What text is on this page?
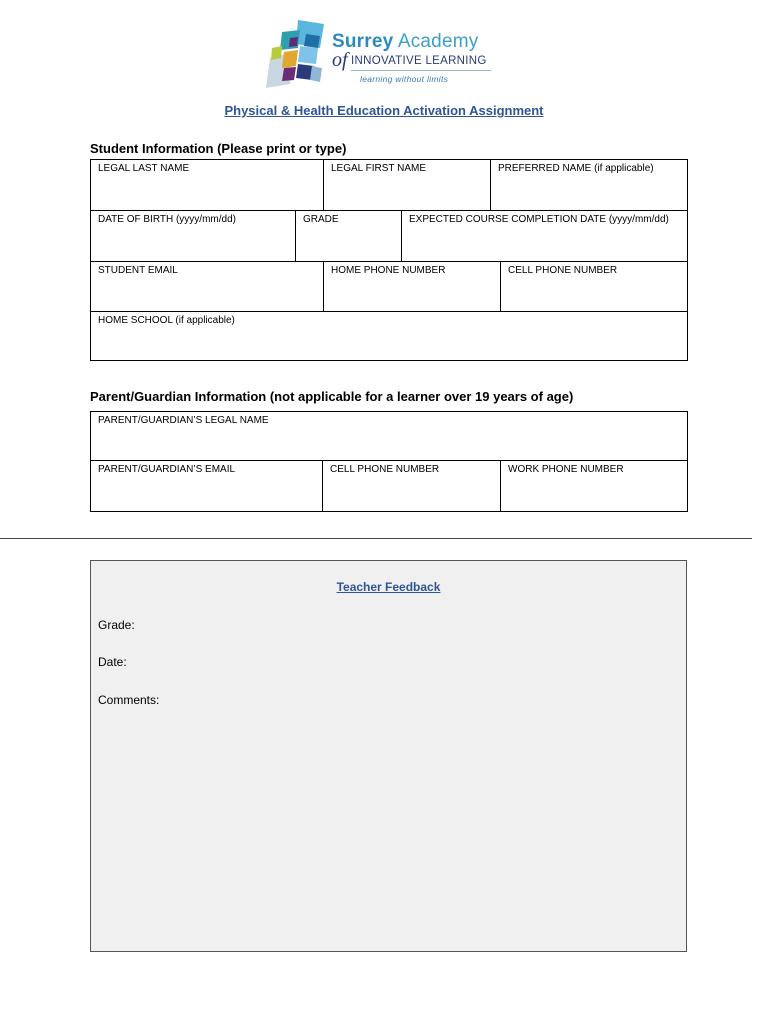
Surrey Academy
of INNOVATIVE LEARNING
learning without limits
Physical & Health Education Activation Assignment
Student Information (Please print or type)
LEGAL LAST NAME	LEGAL FIRST NAME	PREFERRED NAME (if applicable)
DATE OF BIRTH (yyyy/mm/dd)	GRADE	EXPECTED COURSE COMPLETION DATE (yyyy/mm/dd)
STUDENT EMAIL	HOME PHONE NUMBER	CELL PHONE NUMBER
HOME SCHOOL (if applicable)
Parent/Guardian Information (not applicable for a learner over 19 years of age)
PARENT/GUARDIAN’S LEGAL NAME
PARENT/GUARDIAN’S EMAIL	CELL PHONE NUMBER	WORK PHONE NUMBER
Teacher Feedback
Grade:
Date:
Comments:
